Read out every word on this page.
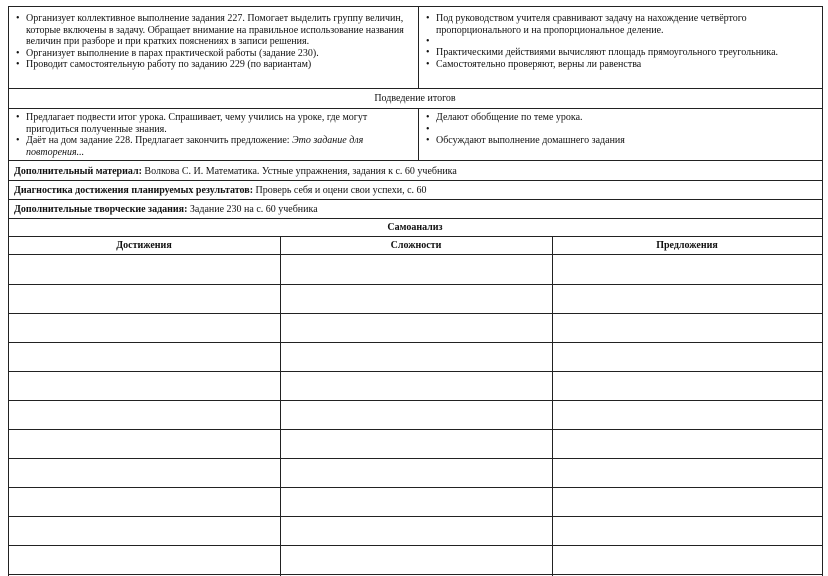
• Организует коллективное выполнение задания 227. Помогает выделить группу величин, которые включены в задачу. Обращает внимание на правильное использование названия величин при разборе и при кратких пояснениях в записи решения.
• Организует выполнение в парах практической работы (задание 230).
• Проводит самостоятельную работу по заданию 229 (по вариантам)
• Под руководством учителя сравнивают задачу на нахождение четвёртого пропорционального и на пропорциональное деление.
•
• Практическими действиями вычисляют площадь прямоугольного треугольника.
• Самостоятельно проверяют, верны ли равенства
Подведение итогов
• Предлагает подвести итог урока. Спрашивает, чему учились на уроке, где могут пригодиться полученные знания.
• Даёт на дом задание 228. Предлагает закончить предложение: Это задание для повторения...
• Делают обобщение по теме урока.
•
• Обсуждают выполнение домашнего задания
Дополнительный материал: Волкова С. И. Математика. Устные упражнения, задания к с. 60 учебника
Диагностика достижения планируемых результатов: Проверь себя и оцени свои успехи, с. 60
Дополнительные творческие задания: Задание 230 на с. 60 учебника
Самоанализ
Достижения	Сложности	Предложения
